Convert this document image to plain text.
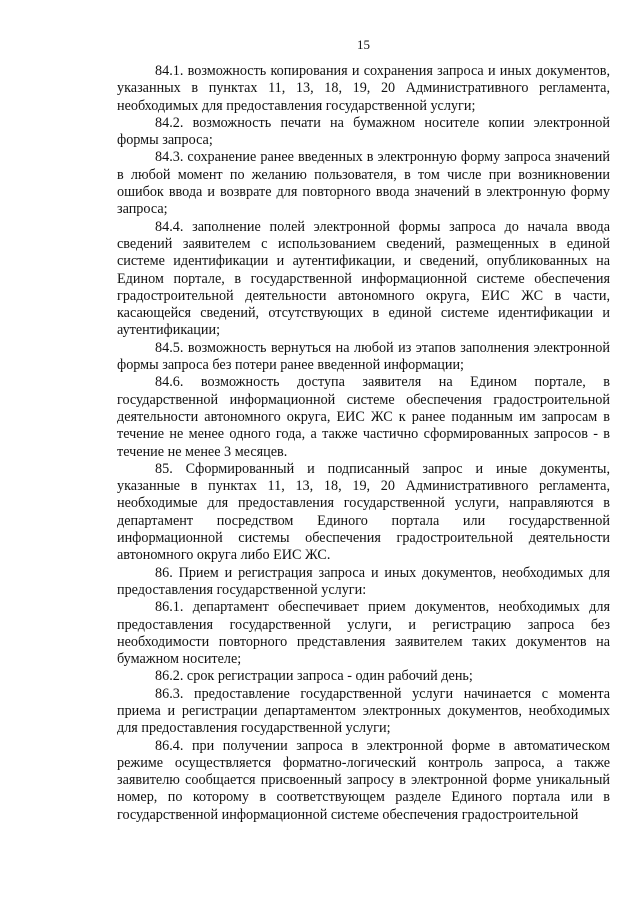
15

84.1. возможность копирования и сохранения запроса и иных документов, указанных в пунктах 11, 13, 18, 19, 20 Административного регламента, необходимых для предоставления государственной услуги;

84.2. возможность печати на бумажном носителе копии электронной формы запроса;

84.3. сохранение ранее введенных в электронную форму запроса значений в любой момент по желанию пользователя, в том числе при возникновении ошибок ввода и возврате для повторного ввода значений в электронную форму запроса;

84.4. заполнение полей электронной формы запроса до начала ввода сведений заявителем с использованием сведений, размещенных в единой системе идентификации и аутентификации, и сведений, опубликованных на Едином портале, в государственной информационной системе обеспечения градостроительной деятельности автономного округа, ЕИС ЖС в части, касающейся сведений, отсутствующих в единой системе идентификации и аутентификации;

84.5. возможность вернуться на любой из этапов заполнения электронной формы запроса без потери ранее введенной информации;

84.6. возможность доступа заявителя на Едином портале, в государственной информационной системе обеспечения градостроительной деятельности автономного округа, ЕИС ЖС к ранее поданным им запросам в течение не менее одного года, а также частично сформированных запросов - в течение не менее 3 месяцев.

85. Сформированный и подписанный запрос и иные документы, указанные в пунктах 11, 13, 18, 19, 20 Административного регламента, необходимые для предоставления государственной услуги, направляются в департамент посредством Единого портала или государственной информационной системы обеспечения градостроительной деятельности автономного округа либо ЕИС ЖС.

86. Прием и регистрация запроса и иных документов, необходимых для предоставления государственной услуги:

86.1. департамент обеспечивает прием документов, необходимых для предоставления государственной услуги, и регистрацию запроса без необходимости повторного представления заявителем таких документов на бумажном носителе;

86.2. срок регистрации запроса - один рабочий день;

86.3. предоставление государственной услуги начинается с момента приема и регистрации департаментом электронных документов, необходимых для предоставления государственной услуги;

86.4. при получении запроса в электронной форме в автоматическом режиме осуществляется форматно-логический контроль запроса, а также заявителю сообщается присвоенный запросу в электронной форме уникальный номер, по которому в соответствующем разделе Единого портала или в государственной информационной системе обеспечения градостроительной
